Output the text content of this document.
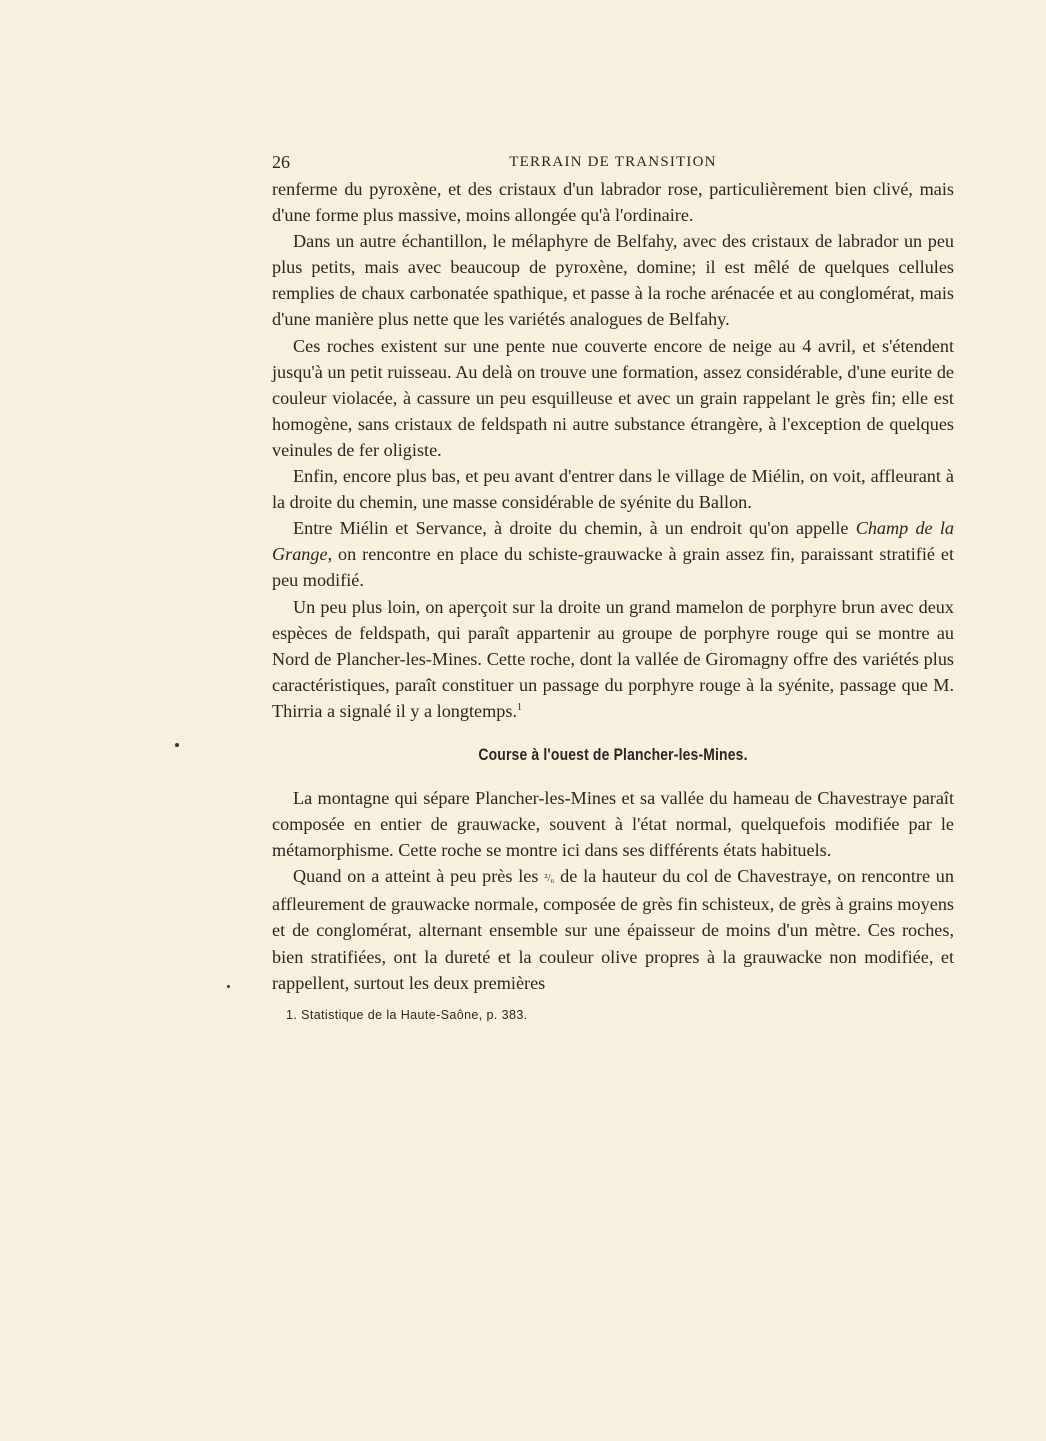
26	TERRAIN DE TRANSITION

renferme du pyroxène, et des cristaux d'un labrador rose, particulièrement bien clivé, mais d'une forme plus massive, moins allongée qu'à l'ordinaire.

Dans un autre échantillon, le mélaphyre de Belfahy, avec des cristaux de labrador un peu plus petits, mais avec beaucoup de pyroxène, domine; il est mêlé de quelques cellules remplies de chaux carbonatée spathique, et passe à la roche arénacée et au conglomérat, mais d'une manière plus nette que les variétés analogues de Belfahy.

Ces roches existent sur une pente nue couverte encore de neige au 4 avril, et s'étendent jusqu'à un petit ruisseau. Au delà on trouve une formation, assez considérable, d'une eurite de couleur violacée, à cassure un peu esquilleuse et avec un grain rappelant le grès fin; elle est homogène, sans cristaux de feldspath ni autre substance étrangère, à l'exception de quelques veinules de fer oligiste.

Enfin, encore plus bas, et peu avant d'entrer dans le village de Miélin, on voit, affleurant à la droite du chemin, une masse considérable de syénite du Ballon.

Entre Miélin et Servance, à droite du chemin, à un endroit qu'on appelle Champ de la Grange, on rencontre en place du schiste-grauwacke à grain assez fin, paraissant stratifié et peu modifié.

Un peu plus loin, on aperçoit sur la droite un grand mamelon de porphyre brun avec deux espèces de feldspath, qui paraît appartenir au groupe de porphyre rouge qui se montre au Nord de Plancher-les-Mines. Cette roche, dont la vallée de Giromagny offre des variétés plus caractéristiques, paraît constituer un passage du porphyre rouge à la syénite, passage que M. Thirria a signalé il y a longtemps.$^1$

Course à l'ouest de Plancher-les-Mines.

La montagne qui sépare Plancher-les-Mines et sa vallée du hameau de Chavestraye paraît composée en entier de grauwacke, souvent à l'état normal, quelquefois modifiée par le métamorphisme. Cette roche se montre ici dans ses différents états habituels.

Quand on a atteint à peu près les ²/₆ de la hauteur du col de Chavestraye, on rencontre un affleurement de grauwacke normale, composée de grès fin schisteux, de grès à grains moyens et de conglomérat, alternant ensemble sur une épaisseur de moins d'un mètre. Ces roches, bien stratifiées, ont la dureté et la couleur olive propres à la grauwacke non modifiée, et rappellent, surtout les deux premières

1. Statistique de la Haute-Saône, p. 383.
